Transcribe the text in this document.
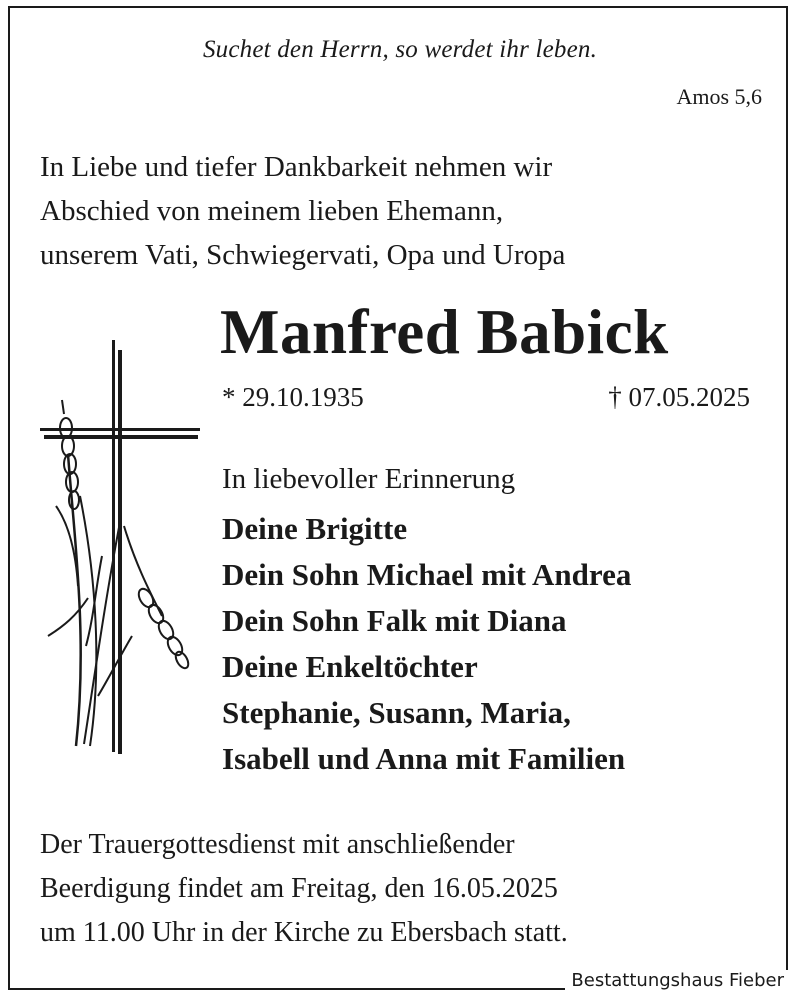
Suchet den Herrn, so werdet ihr leben.
Amos 5,6
In Liebe und tiefer Dankbarkeit nehmen wir
Abschied von meinem lieben Ehemann,
unserem Vati, Schwiegervati, Opa und Uropa
Manfred Babick
* 29.10.1935	† 07.05.2025
In liebevoller Erinnerung
Deine Brigitte
Dein Sohn Michael mit Andrea
Dein Sohn Falk mit Diana
Deine Enkeltöchter
Stephanie, Susann, Maria,
Isabell und Anna mit Familien
Der Trauergottesdienst mit anschließender
Beerdigung findet am Freitag, den 16.05.2025
um 11.00 Uhr in der Kirche zu Ebersbach statt.
Bestattungshaus Fieber
